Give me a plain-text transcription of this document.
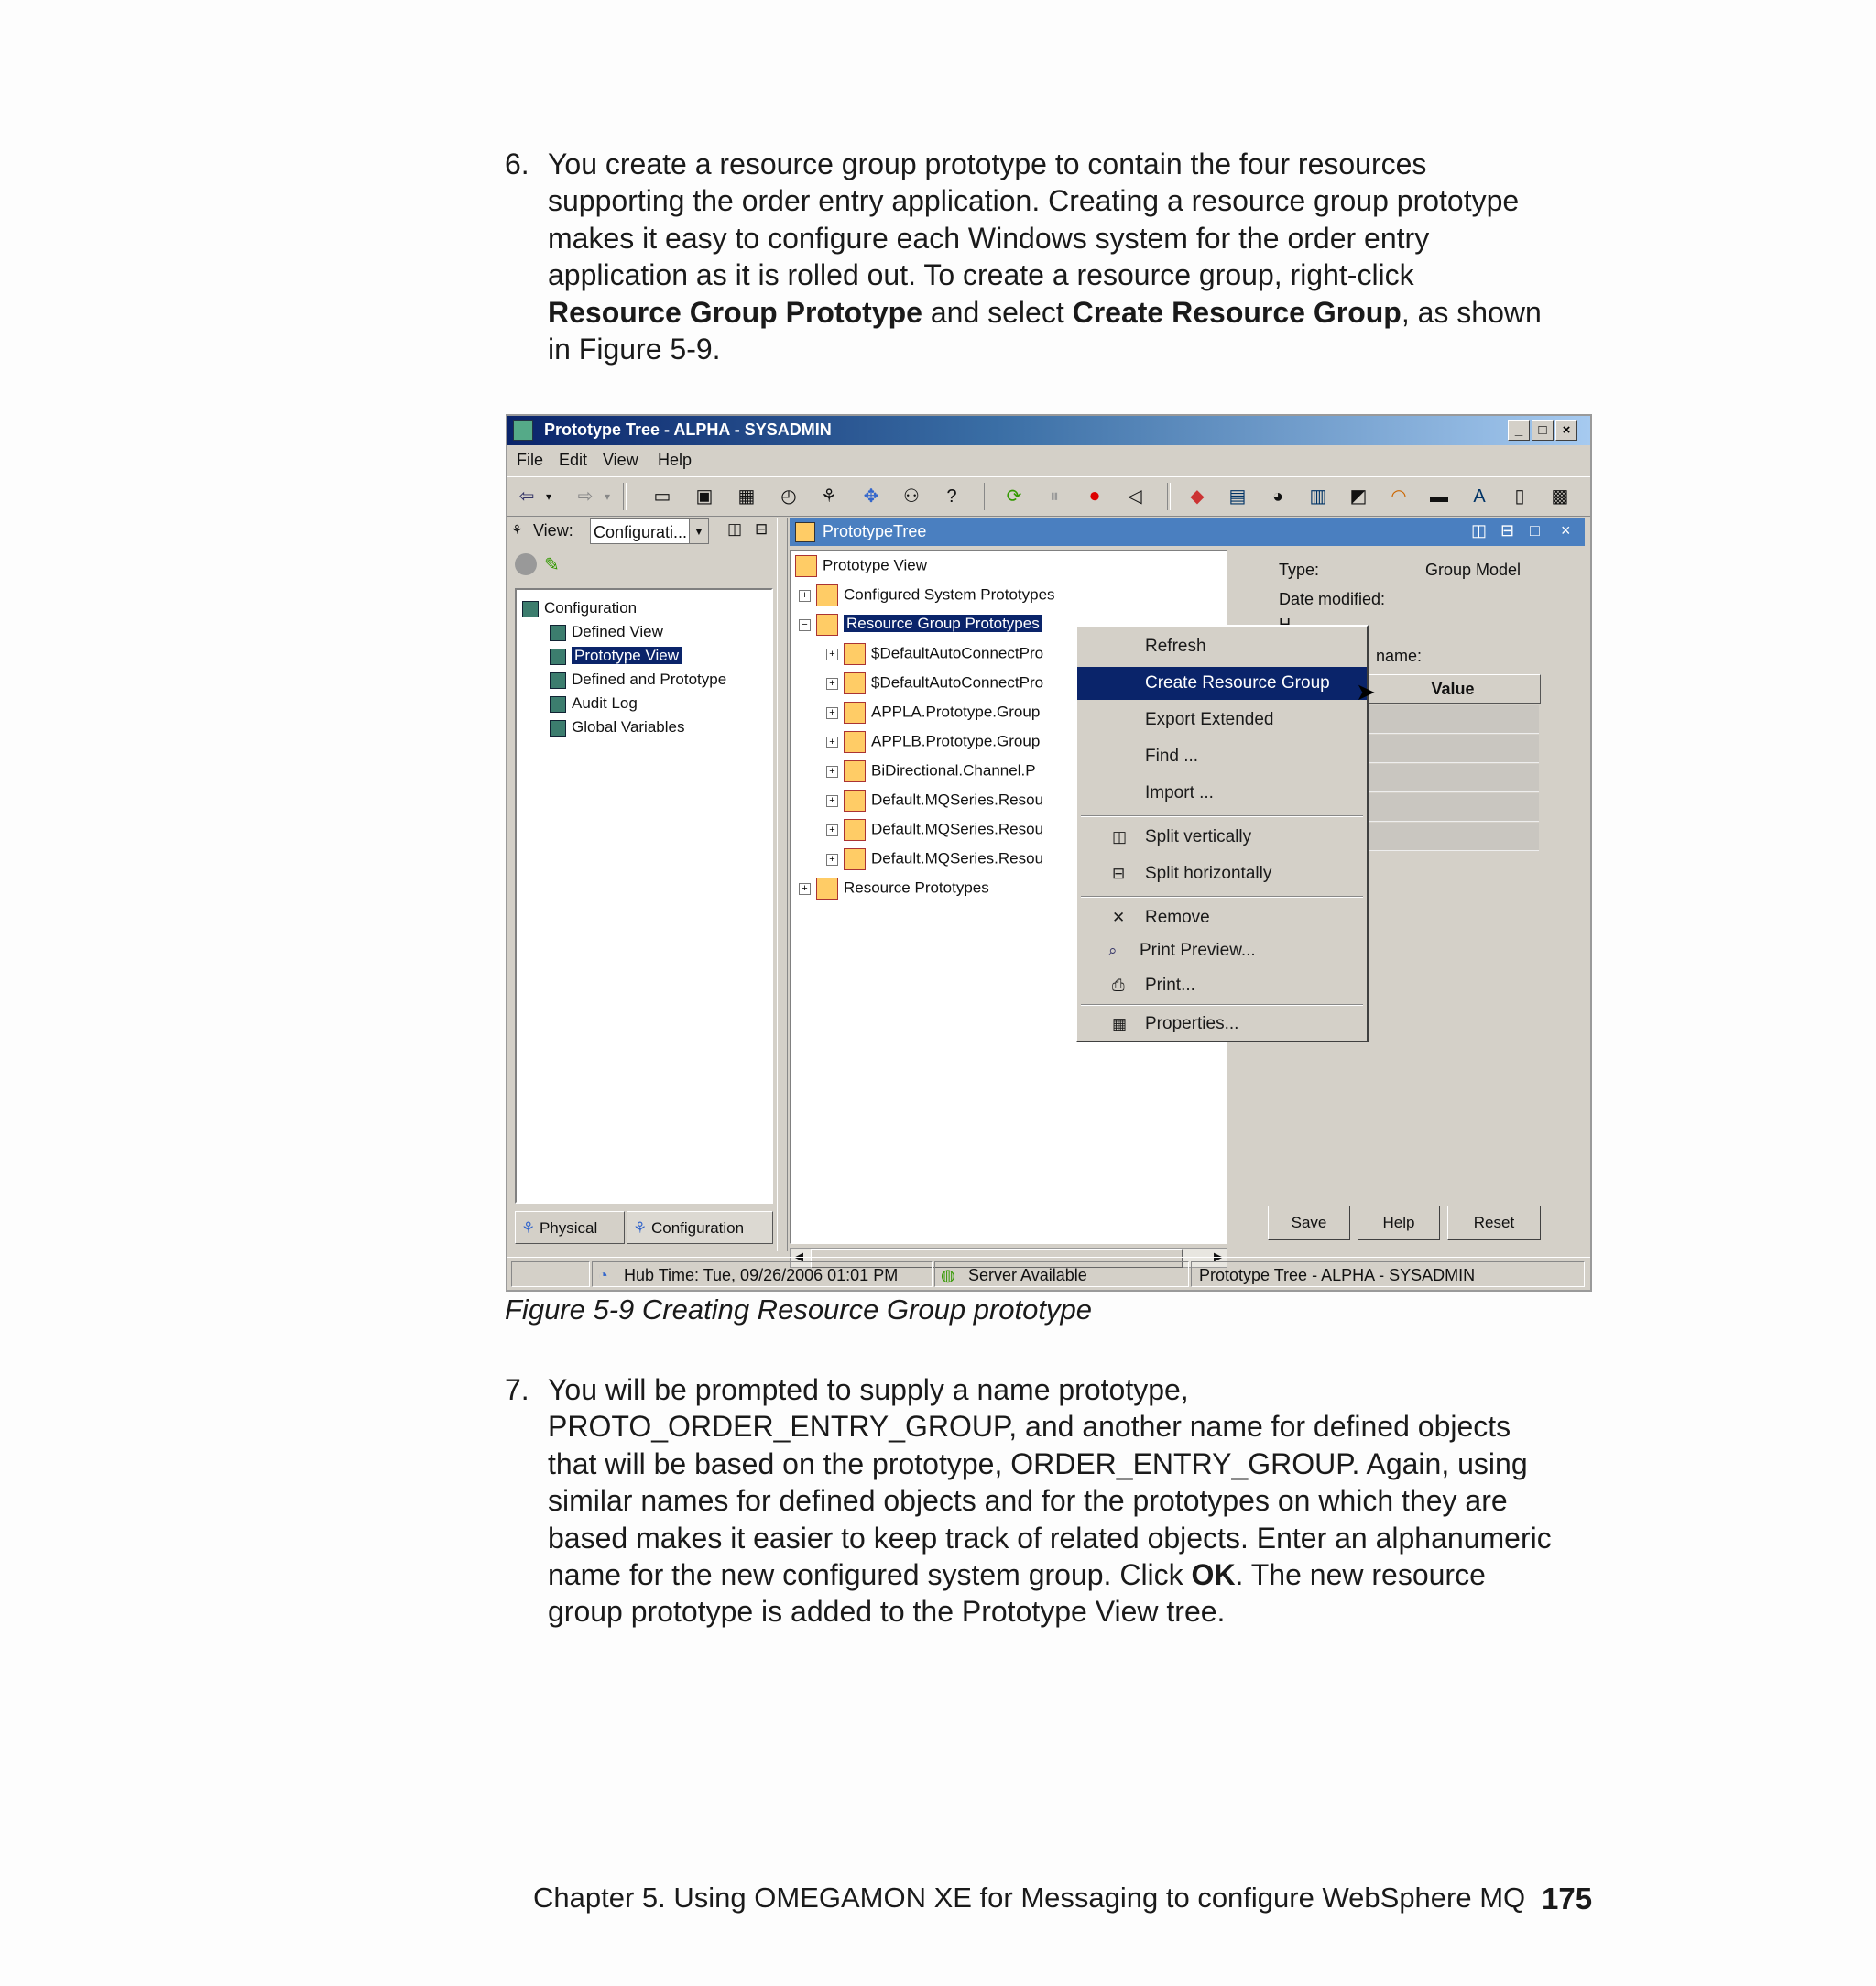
6. You create a resource group prototype to contain the four resources
supporting the order entry application. Creating a resource group prototype
makes it easy to configure each Windows system for the order entry
application as it is rolled out. To create a resource group, right-click
Resource Group Prototype and select Create Resource Group, as shown
in Figure 5-9.
Prototype Tree - ALPHA - SYSADMIN	_	□	×
File Edit View Help
⇦	▾	⇨	▾	▭ ▣ ▦ ◴ ⚘ ✥ ⚇	?	⟳	⏸	⏺	◁	◆ ▤	◕	▥ ◩ ◠ ▬	A	▯	▩
⚘ View: Configurati... ▼ ◫ ⊟
✎
Configuration
Defined View
Prototype View
Defined and Prototype
Audit Log
Global Variables
⚘ Physical	⚘ Configuration
PrototypeTree	◫ ⊟ □ ×
Prototype View
+ Configured System Prototypes
− Resource Group Prototypes
+ $DefaultAutoConnectPro
+ $DefaultAutoConnectPro
+ APPLA.Prototype.Group
+ APPLB.Prototype.Group
+ BiDirectional.Channel.P
+ Default.MQSeries.Resou
+ Default.MQSeries.Resou
+ Default.MQSeries.Resou
+ Resource Prototypes
◀	▶
Type:	Group Model
Date modified:
name:
Value
Save	Help	Reset
◔ Hub Time: Tue, 09/26/2006 01:01 PM	◍ Server Available	Prototype Tree - ALPHA - SYSADMIN
Refresh
Create Resource Group
Export Extended
Find ...
Import ...
◫ Split vertically
⊟ Split horizontally
✕ Remove
⌕ Print Preview...
⎙ Print...
▦ Properties...
➤
Figure 5-9 Creating Resource Group prototype
7. You will be prompted to supply a name prototype,
PROTO_ORDER_ENTRY_GROUP, and another name for defined objects
that will be based on the prototype, ORDER_ENTRY_GROUP. Again, using
similar names for defined objects and for the prototypes on which they are
based makes it easier to keep track of related objects. Enter an alphanumeric
name for the new configured system group. Click OK. The new resource
group prototype is added to the Prototype View tree.
Chapter 5. Using OMEGAMON XE for Messaging to configure WebSphere MQ 175
